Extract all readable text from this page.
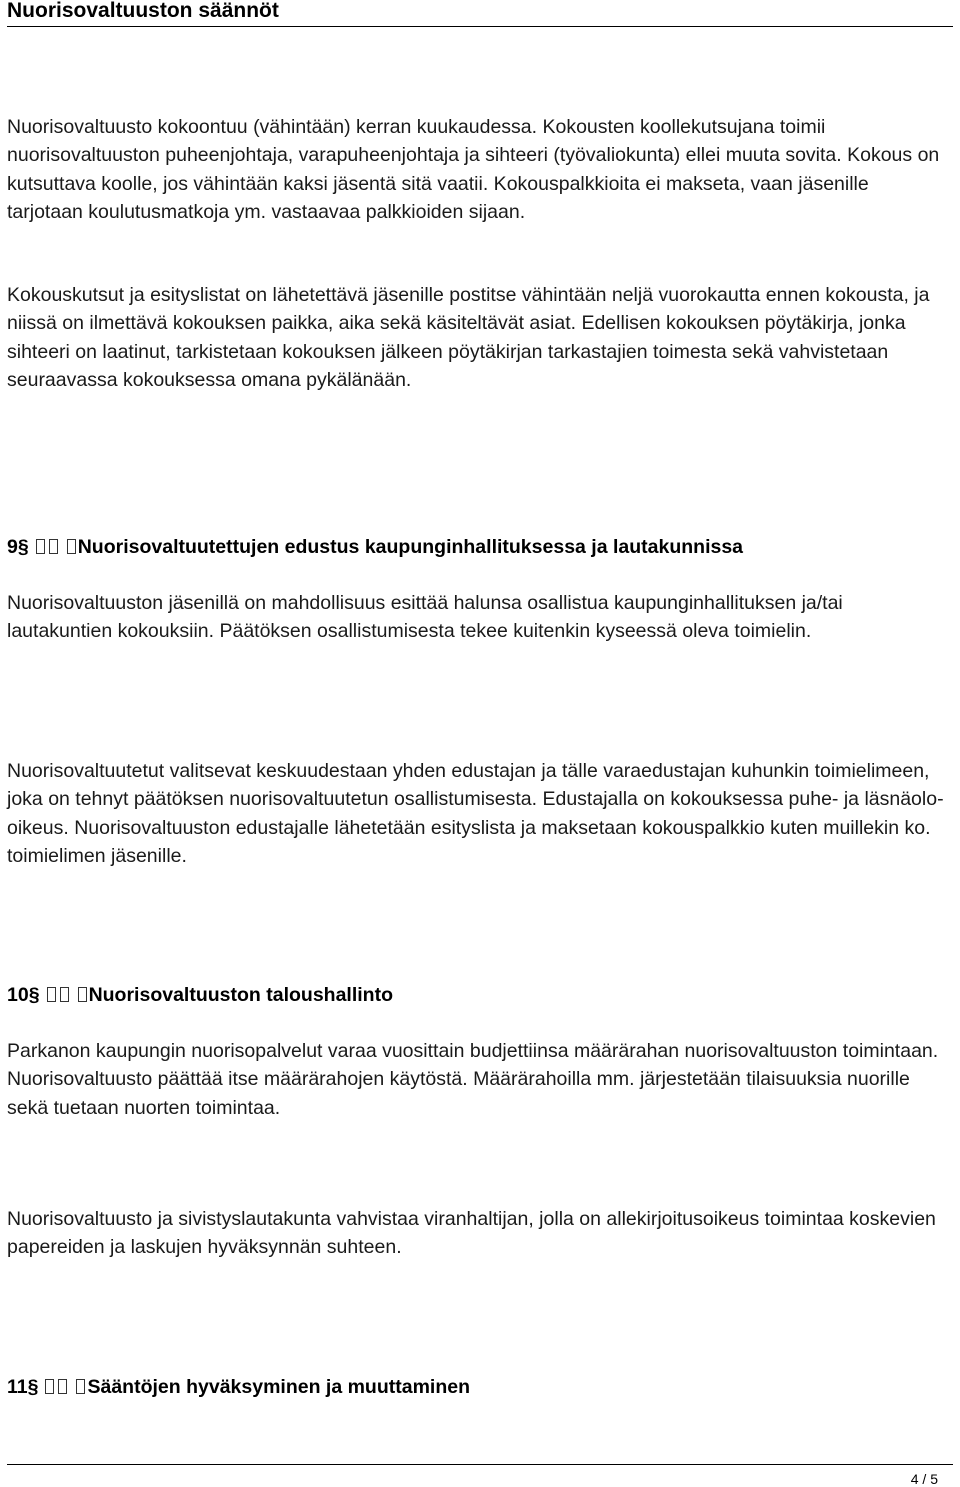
Nuorisovaltuuston säännöt

Nuorisovaltuusto kokoontuu (vähintään) kerran kuukaudessa. Kokousten koollekutsujana toimii nuorisovaltuuston puheenjohtaja, varapuheenjohtaja ja sihteeri (työvaliokunta) ellei muuta sovita. Kokous on kutsuttava koolle, jos vähintään kaksi jäsentä sitä vaatii. Kokouspalkkioita ei makseta, vaan jäsenille tarjotaan koulutusmatkoja ym. vastaavaa palkkioiden sijaan.

Kokouskutsut ja esityslistat on lähetettävä jäsenille postitse vähintään neljä vuorokautta ennen kokousta, ja niissä on ilmettävä kokouksen paikka, aika sekä käsiteltävät asiat. Edellisen kokouksen pöytäkirja, jonka sihteeri on laatinut, tarkistetaan kokouksen jälkeen pöytäkirjan tarkastajien toimesta sekä vahvistetaan seuraavassa kokouksessa omana pykälänään.

9§	Nuorisovaltuutettujen edustus kaupunginhallituksessa ja lautakunnissa

Nuorisovaltuuston jäsenillä on mahdollisuus esittää halunsa osallistua kaupunginhallituksen ja/tai lautakuntien kokouksiin. Päätöksen osallistumisesta tekee kuitenkin kyseessä oleva toimielin.

Nuorisovaltuutetut valitsevat keskuudestaan yhden edustajan ja tälle varaedustajan kuhunkin toimielimeen, joka on tehnyt päätöksen nuorisovaltuutetun osallistumisesta. Edustajalla on kokouksessa puhe- ja läsnäolo-oikeus. Nuorisovaltuuston edustajalle lähetetään esityslista ja maksetaan kokouspalkkio kuten muillekin ko. toimielimen jäsenille.

10§	Nuorisovaltuuston taloushallinto

Parkanon kaupungin nuorisopalvelut varaa vuosittain budjettiinsa määrärahan nuorisovaltuuston toimintaan. Nuorisovaltuusto päättää itse määrärahojen käytöstä. Määrärahoilla mm. järjestetään tilaisuuksia nuorille sekä tuetaan nuorten toimintaa.

Nuorisovaltuusto ja sivistyslautakunta vahvistaa viranhaltijan, jolla on allekirjoitusoikeus toimintaa koskevien papereiden ja laskujen hyväksynnän suhteen.

11§	Sääntöjen hyväksyminen ja muuttaminen
4 / 5
